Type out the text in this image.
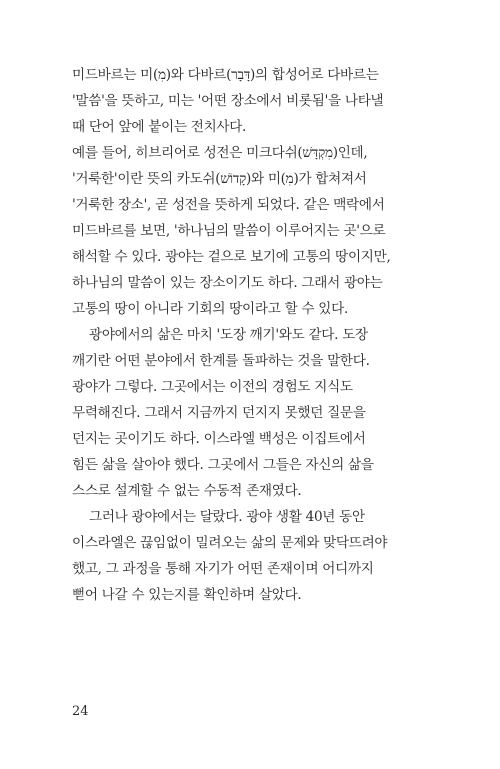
미드바르는 미(מִ)와 다바르(דָּבָר)의 합성어로 다바르는
'말씀'을 뜻하고, 미는 '어떤 장소에서 비롯됨'을 나타낼
때 단어 앞에 붙이는 전치사다.
예를 들어, 히브리어로 성전은 미크다쉬(מִקְדָּשׁ)인데,
'거룩한'이란 뜻의 카도쉬(קָדוֹשׁ)와 미(מִ)가 합쳐져서
'거룩한 장소', 곧 성전을 뜻하게 되었다. 같은 맥락에서
미드바르를 보면, '하나님의 말씀이 이루어지는 곳'으로
해석할 수 있다. 광야는 겉으로 보기에 고통의 땅이지만,
하나님의 말씀이 있는 장소이기도 하다. 그래서 광야는
고통의 땅이 아니라 기회의 땅이라고 할 수 있다.
광야에서의 삶은 마치 '도장 깨기'와도 같다. 도장
깨기란 어떤 분야에서 한계를 돌파하는 것을 말한다.
광야가 그렇다. 그곳에서는 이전의 경험도 지식도
무력해진다. 그래서 지금까지 던지지 못했던 질문을
던지는 곳이기도 하다. 이스라엘 백성은 이집트에서
힘든 삶을 살아야 했다. 그곳에서 그들은 자신의 삶을
스스로 설계할 수 없는 수동적 존재였다.
그러나 광야에서는 달랐다. 광야 생활 40년 동안
이스라엘은 끊임없이 밀려오는 삶의 문제와 맞닥뜨려야
했고, 그 과정을 통해 자기가 어떤 존재이며 어디까지
뻗어 나갈 수 있는지를 확인하며 살았다.
24
